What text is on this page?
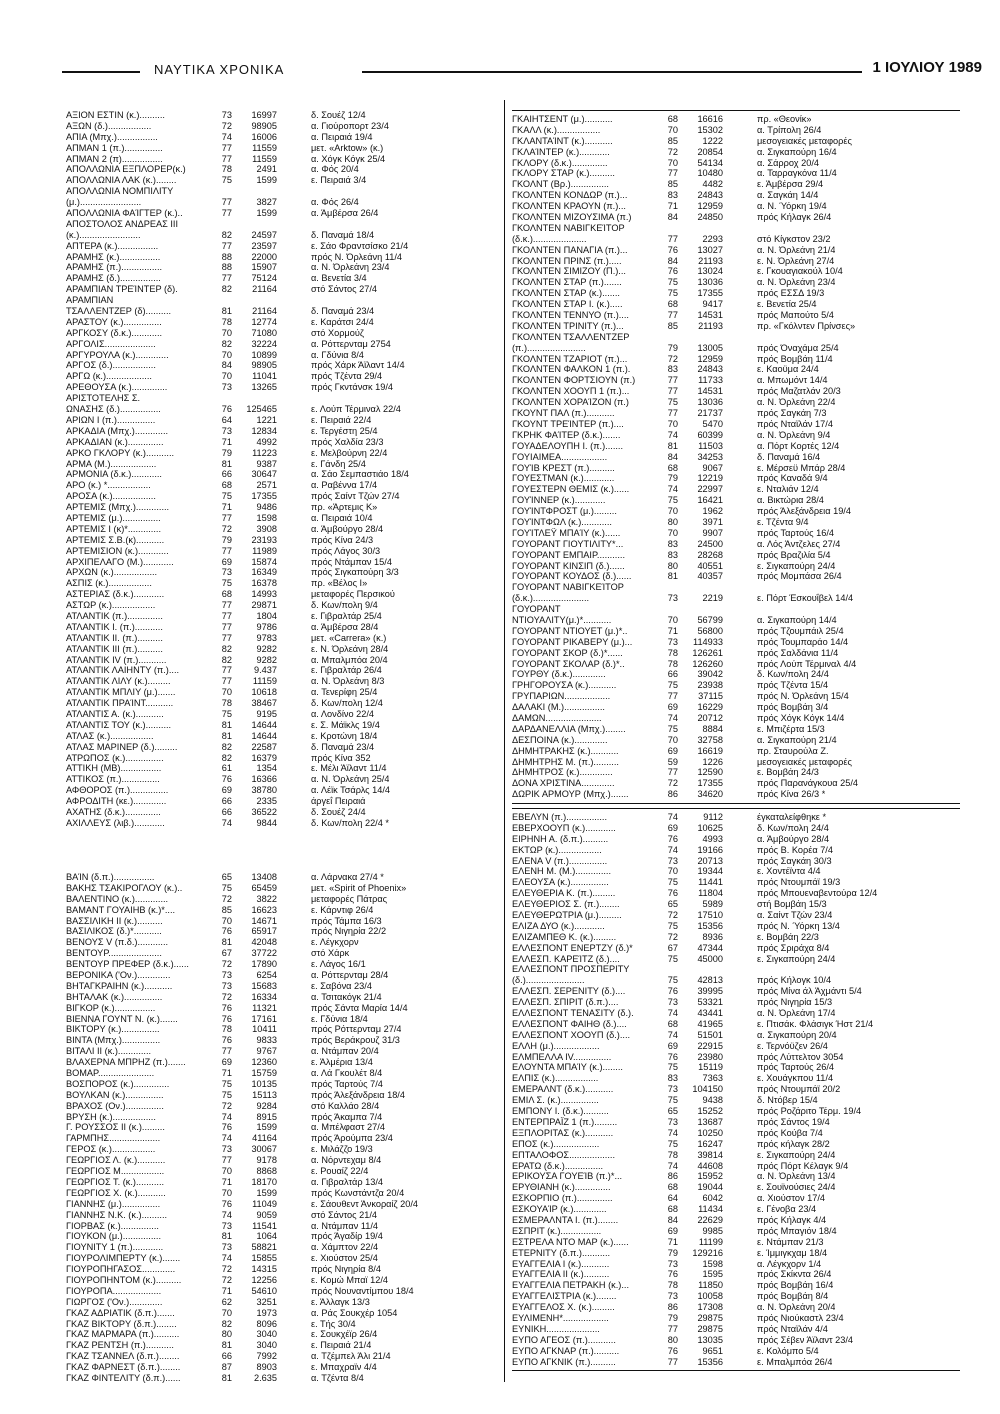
ΝΑΥΤΙΚΑ ΧΡΟΝΙΚΑ	1 ΙΟΥΛΙΟΥ 1989
ΑΞΙΟΝ ΕΣΤΙΝ (κ.)..........	73	16997	δ. Σουέζ 12/4
ΑΞΩΝ (δ.).................	72	98905	α. Γιούροπορτ 23/4
ΑΠΙΑ (Μπχ.)................	74	16006	α. Πειραιά 19/4
ΑΠΜΑΝ 1 (π.)...............	77	11559	μετ. «Arktow» (κ.)
ΑΠΜΑΝ 2 (π)................	77	11559	α. Χόγκ Κόγκ 25/4
ΑΠΟΛΛΩΝΙΑ ΕΞΠΛΟΡΕΡ(κ.)	78	2491	α. Φός 20/4
ΑΠΟΛΛΩΝΙΑ ΛΑΚ (κ.)........	75	1599	ε. Πειραιά 3/4
ΑΠΟΛΛΩΝΙΑ ΝΟΜΠΙΛΙΤΥ
(μ.)........................	77	3827	α. Φός 26/4
ΑΠΟΛΛΩΝΙΑ ΦΑΊΓΤΕΡ (κ.)..	77	1599	α. Άμβέρσα 26/4
ΑΠΟΣΤΟΛΟΣ ΑΝΔΡΕΑΣ III
(κ.)........................	82	24597	δ. Παναμά 18/4
ΑΠΤΕΡΑ (κ.)................	77	23597	ε. Σάο Φραντσίσκο 21/4
ΑΡΑΜΗΣ (κ.)................	88	22000	πρός Ν. Όρλεάνη 11/4
ΑΡΑΜΗΣ (π.)................	88	15907	α. Ν. Όρλεάνη 23/4
ΑΡΑΜΗΣ (δ.)................	77	75124	α. Βενετία 3/4
ΑΡΑΜΠΙΑΝ ΤΡΕΊΝΤΕΡ (δ).	82	21164	στό Σάντος 27/4
ΑΡΑΜΠΙΑΝ
ΤΣΑΛΛΕΝΤΖΕΡ (δ)..........	81	21164	δ. Παναμά 23/4
ΑΡΑΣΤΟΥ (κ.)...............	78	12774	ε. Καράτσι 24/4
ΑΡΓΚΟΣΥ (δ.κ.)............	70	71080	στό Χορμούζ
ΑΡΓΟΛΙΣ....................	82	32224	α. Ρόττερνταμ 2754
ΑΡΓΥΡΟΥΛΑ (κ.).............	70	10899	α. Γδύνια 8/4
ΑΡΓΟΣ (δ.).................	84	98905	πρός Χάρκ Άϊλαντ 14/4
ΑΡΓΩ (κ.)..................	70	11041	πρός Τζέντα 29/4
ΑΡΕΘΟΥΣΑ (κ.)..............	73	13265	πρός Γκντάνσκ 19/4
ΑΡΙΣΤΟΤΕΛΗΣ Σ.
ΩΝΑΣΗΣ (δ.)................	76	125465	ε. Λούπ Τέρμιναλ 22/4
ΑΡΙΩΝ Ι (π.)...............	64	1221	ε. Πειραιά 22/4
ΑΡΚΑΔΙΑ (Μπχ.).............	73	12834	ε. Τεργέστη 25/4
ΑΡΚΑΔΙΑΝ (κ.)..............	71	4992	πρός Χαλδία 23/3
ΑΡΚΟ ΓΚΛΟΡΥ (κ.)...........	79	11223	ε. Μελβούρνη 22/4
ΑΡΜΑ (Μ.)..................	81	9387	ε. Γάνδη 25/4
ΑΡΜΟΝΙΑ (δ.κ.)............	66	30647	α. Σάο Σεμπαστιάο 18/4
ΑΡΟ (κ.) *.................	68	2571	α. Ραβέννα 17/4
ΑΡΟΣΑ (κ.).................	75	17355	πρός Σαίντ Τζών 27/4
ΑΡΤΕΜΙΣ (Μπχ.).............	71	9486	πρ. «Άρτεμις Κ»
ΑΡΤΕΜΙΣ (μ.)...............	77	1598	α. Πειραιά 10/4
ΑΡΤΕΜΙΣ Ι (κ)*.............	72	3908	α. Άμβούργο 28/4
ΑΡΤΕΜΙΣ Σ.Β.(κ)...........	79	23193	πρός Κίνα 24/3
ΑΡΤΕΜΙΣΙΟΝ (κ.)............	77	11989	πρός Λάγος 30/3
ΑΡΧΙΠΕΛΑΓΟ (Μ.)............	69	15874	πρός Ντάμπαν 15/4
ΑΡΧΩΝ (κ.).................	73	16349	πρός Σιγκαπούρη 3/3
ΑΣΠΙΣ (κ.).................	75	16378	πρ. «Βέλος Ι»
ΑΣΤΕΡΙΑΣ (δ.κ.)............	68	14993	μεταφορές Περσικού
ΑΣΤΩΡ (κ.).................	77	29871	δ. Κων/πολη 9/4
ΑΤΛΑΝΤΙΚ (π.)..............	77	1804	ε. Γιβραλτάρ 25/4
ΑΤΛΑΝΤΙΚ Ι. (π.)...........	77	9786	α. Άμβέρσα 28/4
ΑΤΛΑΝΤΙΚ ΙΙ. (π.)..........	77	9783	μετ. «Carrera» (κ.)
ΑΤΛΑΝΤΙΚ ΙΙΙ (π.)..........	82	9282	ε. Ν. Όρλεάνη 28/4
ΑΤΛΑΝΤΙΚ ΙV (π.)...........	82	9282	α. Μπαλμπόα 20/4
ΑΤΛΑΝΤΙΚ ΛΑΙΗΝΤΥ (π.)....	77	9.437	ε. Γιβραλτάρ 26/4
ΑΤΛΑΝΤΙΚ ΛΙΛΥ (κ.).........	77	11159	α. Ν. Όρλεάνη 8/3
ΑΤΛΑΝΤΙΚ ΜΠΛΙΥ (μ.).......	70	10618	α. Τενερίφη 25/4
ΑΤΛΑΝΤΙΚ ΠΡΑΊΝΤ...........	78	38467	δ. Κων/πολη 12/4
ΑΤΛΑΝΤΙΣ Α. (κ.)...........	75	9195	α. Λονδίνο 22/4
ΑΤΛΑΝΤΙΣ ΤΟΥ (κ.)..........	81	14644	ε. Σ. Μάϊκλς 19/4
ΑΤΛΑΣ (κ.).................	81	14644	ε. Κροτώνη 18/4
ΑΤΛΑΣ ΜΑΡΙΝΕΡ (δ.).........	82	22587	δ. Παναμά 23/4
ΑΤΡΩΠΟΣ (κ.)...............	82	16379	πρός Κίνα 352
ΑΤΤΙΚΗ (ΜΒ)................	61	1354	ε. Μέλι Άϊλαντ 11/4
ΑΤΤΙΚΟΣ (π.)...............	76	16366	α. Ν. Όρλεάνη 25/4
ΑΦΘΟΡΟΣ (π.)...............	69	38780	α. Λέϊκ Τσάρλς 14/4
ΑΦΡΟΔΙΤΗ (κε.).............	66	2335	άργεΐ Πειραιά
ΑΧΑΤΗΣ (δ.κ.)..............	66	36522	δ. Σουέζ 24/4
ΑΧΙΛΛΕΥΣ (λιβ.)............	74	9844	δ. Κων/πολη 22/4 *
ΒΑΊΝ (δ.π.)................	65	13408	α. Λάρνακα 27/4 *
ΒΑΚΗΣ ΤΣΑΚΙΡΟΓΛΟΥ (κ.)..	75	65459	μετ. «Spirit of Phoenix»
ΒΑΛΕΝΤΙΝΟ (κ.).............	72	3822	μεταφορές Πάτρας
ΒΑΜΑΝΤ ΓΟΥΑΙΗΒ (κ.)*....	85	16623	ε. Κάρντιφ 26/4
ΒΑΣΣΙΛΙΚΗ ΙΙ (κ.)..........	70	14671	πρός Τάμπα 16/3
ΒΑΣΙΛΙΚΟΣ (δ.)*...........	76	65917	πρός Νιγηρία 22/2
ΒΕΝΟΥΣ V (π.δ.)............	81	42048	ε. Λέγκχορν
ΒΕΝΤΟΥΡ.....................	67	37722	στό Χάρκ
ΒΕΝΤΟΥΡ ΠΡΕΦΕΡ (δ.κ.)......	72	17890	ε. Λάγος 16/1
ΒΕΡΟΝΙΚΑ ('Ον.).............	73	6254	α. Ρόττερνταμ 28/4
ΒΗΤΑΓΚΡΑΙΗΝ (κ.)...........	73	15683	ε. Σαβόνα 23/4
ΒΗΤΑΛΑΚ (κ.)...............	72	16334	α. Τσιτακόγκ 21/4
ΒΙΓΚΟΡ (κ.)................	76	11321	πρός Σάντα Μαρία 14/4
ΒΙΕΝΝΑ ΓΟΥΝΤ Ν. (κ.).......	76	17161	ε. Γδύνια 18/4
ΒΙΚΤΟΡΥ (κ.)...............	78	10411	πρός Ρόττερνταμ 27/4
ΒΙΝΤΑ (Μπχ.)...............	76	9833	πρός Βεράκρουζ 31/3
ΒΙΤΑΛΙ ΙΙ (κ.).............	77	9767	α. Ντάμπαν 20/4
ΒΛΑΧΕΡΝΑ ΜΠΡΗΖ (π.).......	69	12360	ε. Άλμέρια 13/4
ΒΟΜΑΡ......................	71	15759	α. Λά Γκουλέτ 8/4
ΒΟΣΠΟΡΟΣ (κ.)..............	75	10135	πρός Ταρτούς 7/4
ΒΟΥΛΚΑΝ (κ.)...............	75	15113	πρός Άλεξάνδρεια 18/4
ΒΡΑΧΟΣ (Ον.)...............	72	9284	στό Καλλάο 28/4
ΒΡΥΣΗ (κ.).................	74	8915	πρός Άκαμπα 7/4
Γ. ΡΟΥΣΣΟΣ ΙΙ (κ.).........	76	1599	α. Μπέλφαστ 27/4
ΓΑΡΜΠΗΣ....................	74	41164	πρός Άρούμπα 23/4
ΓΕΡΟΣ (κ.).................	73	30067	ε. Μιλάζζο 19/3
ΓΕΩΡΓΙΟΣ Λ. (κ.)...........	77	9178	α. Νόρντεχαμ 8/4
ΓΕΩΡΓΙΟΣ Μ.................	70	8868	ε. Ρουαίζ 22/4
ΓΕΩΡΓΙΟΣ Τ. (κ.)...........	71	18170	α. Γιβραλτάρ 13/4
ΓΕΩΡΓΙΟΣ Χ. (κ.)...........	70	1599	πρός Κωνστάντζα 20/4
ΓΙΑΝΝΗΣ (μ.)...............	76	11049	ε. Σάουθεντ Άνκοραίζ 20/4
ΓΙΑΝΝΗΣ Ν.Κ. (κ.)..........	74	9059	στό Σάντος 21/4
ΓΙΟΡΒΑΣ (κ.)...............	73	11541	α. Ντάμπαν 11/4
ΓΙΟΥΚΟΝ (μ.)...............	81	1064	πρός Άγαδίρ 19/4
ΓΙΟΥΝΙΤΥ 1 (π.)............	73	58821	α. Χάμπτον 22/4
ΓΙΟΥΡΟΛΙΜΠΕΡΤΥ (κ.).......	74	15855	ε. Χιούστον 25/4
ΓΙΟΥΡΟΠΗΓΑΣΟΣ.............	72	14315	πρός Νιγηρία 8/4
ΓΙΟΥΡΟΠΗΝΤΟΜ (κ.)..........	72	12256	ε. Κομώ Μπαϊ 12/4
ΓΙΟΥΡΟΠΑ...................	71	54610	πρός Νουναντίμπου 18/4
ΓΙΩΡΓΟΣ ('Ον.).............	62	3251	ε. Άλλαγκ 13/3
ΓΚΑΖ ΑΔΡΙΑΤΙΚ (δ.π.).......	70	1973	α. Ράς Σουκχέρ 1054
ΓΚΑΖ ΒΙΚΤΟΡΥ (δ.π.)........	82	8096	ε. Τής 30/4
ΓΚΑΖ ΜΑΡΜΑΡΑ (π.)..........	80	3040	ε. Σουκχέϊρ 26/4
ΓΚΑΖ ΡΕΝΤΣΗ (π.)...........	81	3040	ε. Πειραιά 21/4
ΓΚΑΖ ΤΣΑΝΝΕΛ (δ.π.)........	66	7992	α. Τζέμπελ Άλι 21/4
ΓΚΑΖ ΦΑΡΝΕΣΤ (δ.π.)........	87	8903	ε. Μπαχραϊν 4/4
ΓΚΑΖ ΦΙΝΤΕΛΙΤΥ (δ.π.)......	81	2.635	α. Τζέντα 8/4
ΓΚΑΙΗΤΣΕΝΤ (μ.)...........	68	16616	πρ. «Θεονίκ»
ΓΚΑΛΛ (κ.).................	70	15302	α. Τρίπολη 26/4
ΓΚΛΑΝΤΑΊΝΤ (κ.)...........	85	1222	μεσογειακές μεταφορές
ΓΚΛΑΊΝΤΕΡ (κ.)............	72	20854	α. Σιγκαπούρη 16/4
ΓΚΛΟΡΥ (δ.κ.)..............	70	54134	α. Σάρροχ 20/4
ΓΚΛΟΡΥ ΣΤΑΡ (κ.)..........	77	10480	α. Ταρραγκόνα 11/4
ΓΚΟΛΝΤ (Βρ.)...............	85	4482	ε. Άμβέρσα 29/4
ΓΚΟΛΝΤΕΝ ΚΟΝΔΩΡ (π.)...	83	24843	α. Σαγκάη 14/4
ΓΚΟΛΝΤΕΝ ΚΡΑΟΥΝ (π.)...	71	12959	α. Ν. Ύόρκη 19/4
ΓΚΟΛΝΤΕΝ ΜΙΖΟΥΣΙΜΑ (π.)	84	24850	πρός Κήλαγκ 26/4
ΓΚΟΛΝΤΕΝ ΝΑΒΙΓΚΕΊΤΟΡ
(δ.κ.).....................	77	2293	στό Κίγκστον 23/2
ΓΚΟΛΝΤΕΝ ΠΑΝΑΓΙΑ (π.)...	76	13027	α. Ν. Όρλεάνη 21/4
ΓΚΟΛΝΤΕΝ ΠΡΙΝΣ (π.).....	84	21193	ε. Ν. Όρλεάνη 27/4
ΓΚΟΛΝΤΕΝ ΣΙΜΙΖΟΥ (Π.)...	76	13024	ε. Γκουαγιακούλ 10/4
ΓΚΟΛΝΤΕΝ ΣΤΑΡ (π.).......	75	13036	α. Ν. Όρλεάνη 23/4
ΓΚΟΛΝΤΕΝ ΣΤΑΡ (κ.).......	75	17355	πρός ΕΣΣΔ 19/3
ΓΚΟΛΝΤΕΝ ΣΤΑΡ Ι. (κ.).....	68	9417	ε. Βενετία 25/4
ΓΚΟΛΝΤΕΝ ΤΕΝΝΥΟ (π.)....	77	14531	πρός Μαπούτο 5/4
ΓΚΟΛΝΤΕΝ ΤΡΙΝΙΤΥ (π.)...	85	21193	πρ. «Γκόλντεν Πρίνσες»
ΓΚΟΛΝΤΕΝ ΤΣΑΛΛΕΝΤΖΕΡ
(π.).......................	79	13005	πρός Όναχάμα 25/4
ΓΚΟΛΝΤΕΝ ΤΖΑΡΙΟΤ (π.)...	72	12959	πρός Βομβάη 11/4
ΓΚΟΛΝΤΕΝ ΦΑΛΚΟΝ 1 (π.).	83	24843	ε. Καοϋμα 24/4
ΓΚΟΛΝΤΕΝ ΦΟΡΤΣΙΟΥΝ (π.)	77	11733	α. Μπωμόντ 14/4
ΓΚΟΛΝΤΕΝ ΧΟΟΥΠ 1 (π.)...	77	14531	πρός Μαζατλάν 20/3
ΓΚΟΛΝΤΕΝ ΧΟΡΑΊΖΟΝ (π.)	75	13036	α. Ν. Όρλεάνη 22/4
ΓΚΟΥΝΤ ΠΑΛ (π.)...........	77	21737	πρός Σαγκάη 7/3
ΓΚΟΥΝΤ ΤΡΕΊΝΤΕΡ (π.)....	70	5470	πρός Νταϊλάν 17/4
ΓΚΡΗΚ ΦΑΊΤΕΡ (δ.κ.).......	74	60399	α. Ν. Όρλεάνη 9/4
ΓΟΥΑΔΕΛΟΥΠΗ Ι. (π.).......	81	11503	α. Πόρτ Κορτές 12/4
ΓΟΥΙΑΙΜΕΑ..................	84	34253	δ. Παναμά 16/4
ΓΟΥΊΒ ΚΡΕΣΤ (π.)..........	68	9067	ε. Μέρσεϋ Μπάρ 28/4
ΓΟΥΕΣΤΜΑΝ (κ.)............	79	12219	πρός Καναδά 9/4
ΓΟΥΕΣΤΕΡΝ ΘΕΜΙΣ (κ.)......	74	22997	ε. Νταλιάν 12/4
ΓΟΥΊΝΝΕΡ (κ.)............	75	16421	α. Βικτώρια 28/4
ΓΟΥΊΝΤΦΡΟΣΤ (μ.).........	70	1962	πρός Άλεξάνδρεια 19/4
ΓΟΥΊΝΤΦΩΛ (κ.)............	80	3971	ε. Τζέντα 9/4
ΓΟΥΊΤΛΕΫ ΜΠΑΊΥ (κ.)......	70	9907	πρός Ταρτούς 16/4
ΓΟΥΟΡΑΝΤ ΓΙΟΥΤΙΛΙΤΥ*...	83	24500	α. Λός Άντζελες 27/4
ΓΟΥΟΡΑΝΤ ΕΜΠΑΙΡ...........	83	28268	πρός Βραζιλία 5/4
ΓΟΥΟΡΑΝΤ ΚΙΝΣΙΠ (δ.)......	80	40551	ε. Σιγκαπούρη 24/4
ΓΟΥΟΡΑΝΤ ΚΟΥΔΟΣ (δ.)......	81	40357	πρός Μομπάσα 26/4
ΓΟΥΟΡΑΝΤ ΝΑΒΙΓΚΕΊΤΟΡ
(δ.κ.)......................	73	2219	ε. Πόρτ Έσκουΐβελ 14/4
ΓΟΥΟΡΑΝΤ
ΝΤΙΟΥΑΛΙΤΥ(μ.)*...........	70	56799	α. Σιγκαπούρη 14/4
ΓΟΥΟΡΑΝΤ ΝΤΙΟΥΕΤ (μ.)*..	71	56800	πρός Τζουμπάιλ 25/4
ΓΟΥΟΡΑΝΤ ΡΙΚΑΒΕΡΥ (μ.)...	73	114933	πρός Τουμπαράο 14/4
ΓΟΥΟΡΑΝΤ ΣΚΟΡ (δ.)*......	78	126261	πρός Σαλδάνια 11/4
ΓΟΥΟΡΑΝΤ ΣΚΟΛΑΡ (δ.)*..	78	126260	πρός Λούπ Τέρμιναλ 4/4
ΓΟΥΡΘΥ (δ.κ.).............	66	39042	δ. Κων/πολη 24/4
ΓΡΗΓΟΡΟΥΣΑ (κ.)...........	75	23938	πρός Τζέντα 15/4
ΓΡΥΠΑΡΙΩΝ..................	77	37115	πρός Ν. Όρλεάνη 15/4
ΔΑΛΑΚΙ (Μ.)................	69	16229	πρός Βομβάη 3/4
ΔΑΜΩΝ......................	74	20712	πρός Χόγκ Κόγκ 14/4
ΔΑΡΔΑΝΕΛΛΙΑ (Μπχ.)........	75	8884	ε. Μπιζέρτα 15/3
ΔΕΣΠΟΙΝΑ (κ.).............	70	32758	α. Σιγκαπούρη 21/4
ΔΗΜΗΤΡΑΚΗΣ (κ.)...........	69	16619	πρ. Σταυρούλα Ζ.
ΔΗΜΗΤΡΗΣ Μ. (π.)..........	59	1226	μεσογειακές μεταφορές
ΔΗΜΗΤΡΟΣ (κ.).............	77	12590	ε. Βομβάη 24/3
ΔΟΝΑ ΧΡΙΣΤΙΝΑ.............	72	17355	πρός Παρανάγκουα 25/4
ΔΩΡΙΚ ΑΡΜΟΥΡ (Μπχ.).......	86	34620	πρός Κίνα 26/3 *
ΕΒΕΛΥΝ (π.)................	74	9112	έγκαταλείφθηκε *
ΕΒΕΡΧΟΟΥΠ (κ.)............	69	10625	δ. Κων/πολη 24/4
ΕΙΡΗΝΗ Α. (δ.π.)..........	76	4993	α. Άμβούργο 28/4
ΕΚΤΩΡ (κ.).................	74	19166	πρός Β. Κορέα 7/4
ΕΛΕΝΑ V (π.)...............	73	20713	πρός Σαγκάη 30/3
ΕΛΕΝΗ Μ. (Μ.)..............	70	19344	ε. Χοντέϊντα 4/4
ΕΛΕΟΥΣΑ (κ.)...............	75	11441	πρός Ντουμπάϊ 19/3
ΕΛΕΥΘΕΡΙΑ Κ. (π.).........	76	11804	πρός Μπουεναβεντούρα 12/4
ΕΛΕΥΘΕΡΙΟΣ Σ. (π.)........	65	5989	στή Βομβάη 15/3
ΕΛΕΥΘΕΡΩΤΡΙΑ (μ.).........	72	17510	α. Σαίντ Τζών 23/4
ΕΛΙΖΑ ΔΥΟ (κ.)............	75	15356	πρός Ν. Ύόρκη 13/4
ΕΛΙΖΑΜΠΕΘ Κ. (κ.).........	72	8936	ε. Βομβάη 22/3
ΕΛΛΕΣΠΟΝΤ ΕΝΕΡΤΖΥ (δ.)*	67	47344	πρός Σριράχα 8/4
ΕΛΛΕΣΠ. ΚΑΡΕΊΤΖ (δ.)....	75	45000	ε. Σιγκαπούρη 24/4
ΕΛΛΕΣΠΟΝΤ ΠΡΟΣΠΕΡΙΤΥ
(δ.).......................	75	42813	πρός Κήλογκ 10/4
ΕΛΛΕΣΠ. ΣΕΡΕΝΙΤΥ (δ.)....	76	39995	πρός Μίνα άλ Άχμάντι 5/4
ΕΛΛΕΣΠ. ΣΠΙΡΙΤ (δ.π.)....	73	53321	πρός Νιγηρία 15/3
ΕΛΛΕΣΠΟΝΤ ΤΕΝΑΣΙΤΥ (δ.).	74	43441	α. Ν. Όρλεάνη 17/4
ΕΛΛΕΣΠΟΝΤ ΦΑΙΗΘ (δ.)....	68	41965	ε. Πτισάκ. Φλάσιγκ Ήστ 21/4
ΕΛΛΕΣΠΟΝΤ ΧΟΟΥΠ (δ.)....	74	51501	α. Σιγκαπούρη 20/4
ΕΛΛΗ (μ.)..................	69	22915	ε. Τερνόϋζεν 26/4
ΕΛΜΠΕΛΛΑ IV...............	76	23980	πρός Λύττελτον 3054
ΕΛΟΥΝΤΑ ΜΠΑΊΥ (κ.)........	75	15119	πρός Ταρτούς 26/4
ΕΛΠΙΣ (κ.).................	83	7363	ε. Χουάγκπου 11/4
ΕΜΕΡΑΛΝΤ (δ.κ.)...........	73	104150	πρός Ντουμπάϊ 20/2
ΕΜΙΛ Σ. (κ.)...............	75	9438	δ. Ντόβερ 15/4
ΕΜΠΟΝΥ Ι. (δ.κ.)..........	65	15252	πρός Ροζάριτο Τέρμ. 19/4
ΕΝΤΕΡΠΡΑΪΖ 1 (π.).........	73	13687	πρός Σάντος 19/4
ΕΞΠΛΟΡΙΤΑΣ (κ.)...........	74	10250	πρός Κούβα 7/4
ΕΠΟΣ (κ.)..................	75	16247	πρός κήλαγκ 28/2
ΕΠΤΑΛΟΦΟΣ..................	78	39814	ε. Σιγκαπούρη 24/4
ΕΡΑΤΩ (δ.κ.)...............	74	44608	πρός Πόρτ Κέλαγκ 9/4
ΕΡΙΚΟΥΣΑ ΓΟΥΕΊΒ (π.)*...	86	15952	α. Ν. Όρλεάνη 13/4
ΕΡΥΘΙΑΝΗ (κ.)..............	68	19044	ε. Σουϊνούσιες 24/4
ΕΣΚΟΡΠΙΟ (π.)..............	64	6042	α. Χιούστον 17/4
ΕΣΚΟΥΑΊΡ (κ.).............	68	11434	ε. Γένοβα 23/4
ΕΣΜΕΡΑΛΝΤΑ Ι. (π.)........	84	22629	πρός Κήλαγκ 4/4
ΕΣΠΡΙΤ (κ.)................	69	9985	πρός Μπαγιόν 18/4
ΕΣΤΡΕΛΑ ΝΤΟ ΜΑΡ (κ.)......	71	11199	ε. Ντάμπαν 21/3
ΕΤΕΡΝΙΤΥ (δ.π.)...........	79	129216	ε. Ίμμιγκχαμ 18/4
ΕΥΑΓΓΕΛΙΑ Ι (κ.)...........	73	1598	α. Λέγκχορν 1/4
ΕΥΑΓΓΕΛΙΑ ΙΙ (κ.)..........	76	1595	πρός Σκίκντα 26/4
ΕΥΑΓΓΕΛΙΑ ΠΕΤΡΑΚΗ (κ.)...	78	11850	πρός Βομβάη 16/4
ΕΥΑΓΓΕΛΙΣΤΡΙΑ (κ.)........	73	10058	πρός Βομβάη 8/4
ΕΥΑΓΓΕΛΟΣ Χ. (κ.).........	86	17308	α. Ν. Όρλεάνη 20/4
ΕΥΛΙΜΕΝΗ*..................	79	29875	πρός Νιούκαστλ 23/4
ΕΥΝΙΚΗ.....................	77	29875	πρός Νταϊλάν 4/4
ΕΥΠΟ ΑΓΕΟΣ (π.)...........	80	13035	πρός Σέβεν Άϊλαντ 23/4
ΕΥΠΟ ΑΓΚΝΑΡ (π.)..........	76	9651	ε. Κολόμπο 5/4
ΕΥΠΟ ΑΓΚΝΙΚ (π.)..........	77	15356	ε. Μπαλμπόα 26/4
